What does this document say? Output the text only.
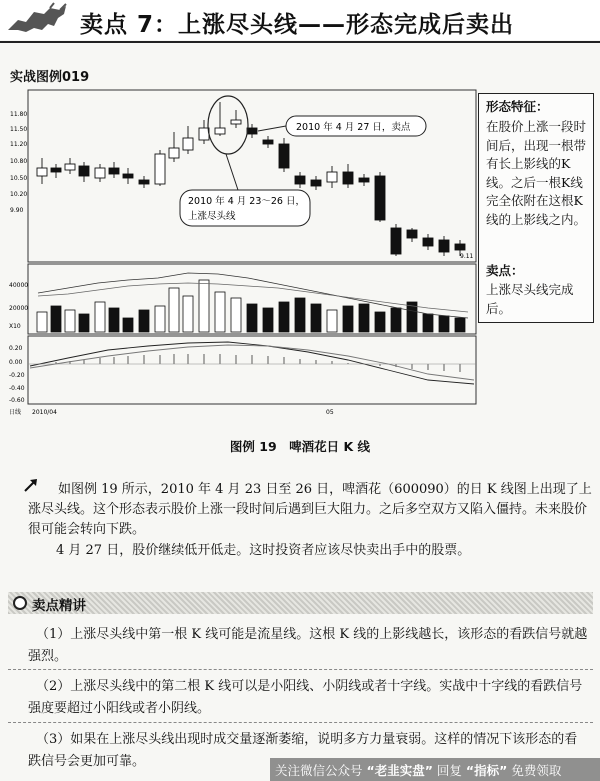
卖点 7：上涨尽头线——形态完成后卖出
实战图例019
11.80
11.50
11.20
10.80
10.50
10.20
9.90
40000
20000
X10
0.20
0.00
-0.20
-0.40
-0.60
日线 2010/04	05
9.11
2010 年 4 月 27 日，卖点
2010 年 4 月 23～26 日，
上涨尽头线
形态特征：
在股价上涨一段时间后，出现一根带有长上影线的K线。之后一根K线完全依附在这根K线的上影线之内。
卖点：
上涨尽头线完成后。
图例 19　啤酒花日 K 线
如图例 19 所示，2010 年 4 月 23 日至 26 日，啤酒花（600090）的日 K 线图上出现了上涨尽头线。这个形态表示股价上涨一段时间后遇到巨大阻力。之后多空双方又陷入僵持。未来股价很可能会转向下跌。
4 月 27 日，股价继续低开低走。这时投资者应该尽快卖出手中的股票。
卖点精讲
（1）上涨尽头线中第一根 K 线可能是流星线。这根 K 线的上影线越长，该形态的看跌信号就越强烈。
（2）上涨尽头线中的第二根 K 线可以是小阳线、小阴线或者十字线。实战中十字线的看跌信号强度要超过小阳线或者小阴线。
（3）如果在上涨尽头线出现时成交量逐渐萎缩，说明多方力量衰弱。这样的情况下该形态的看跌信号会更加可靠。
关注微信公众号 “老韭实盘” 回复 “指标” 免费领取
